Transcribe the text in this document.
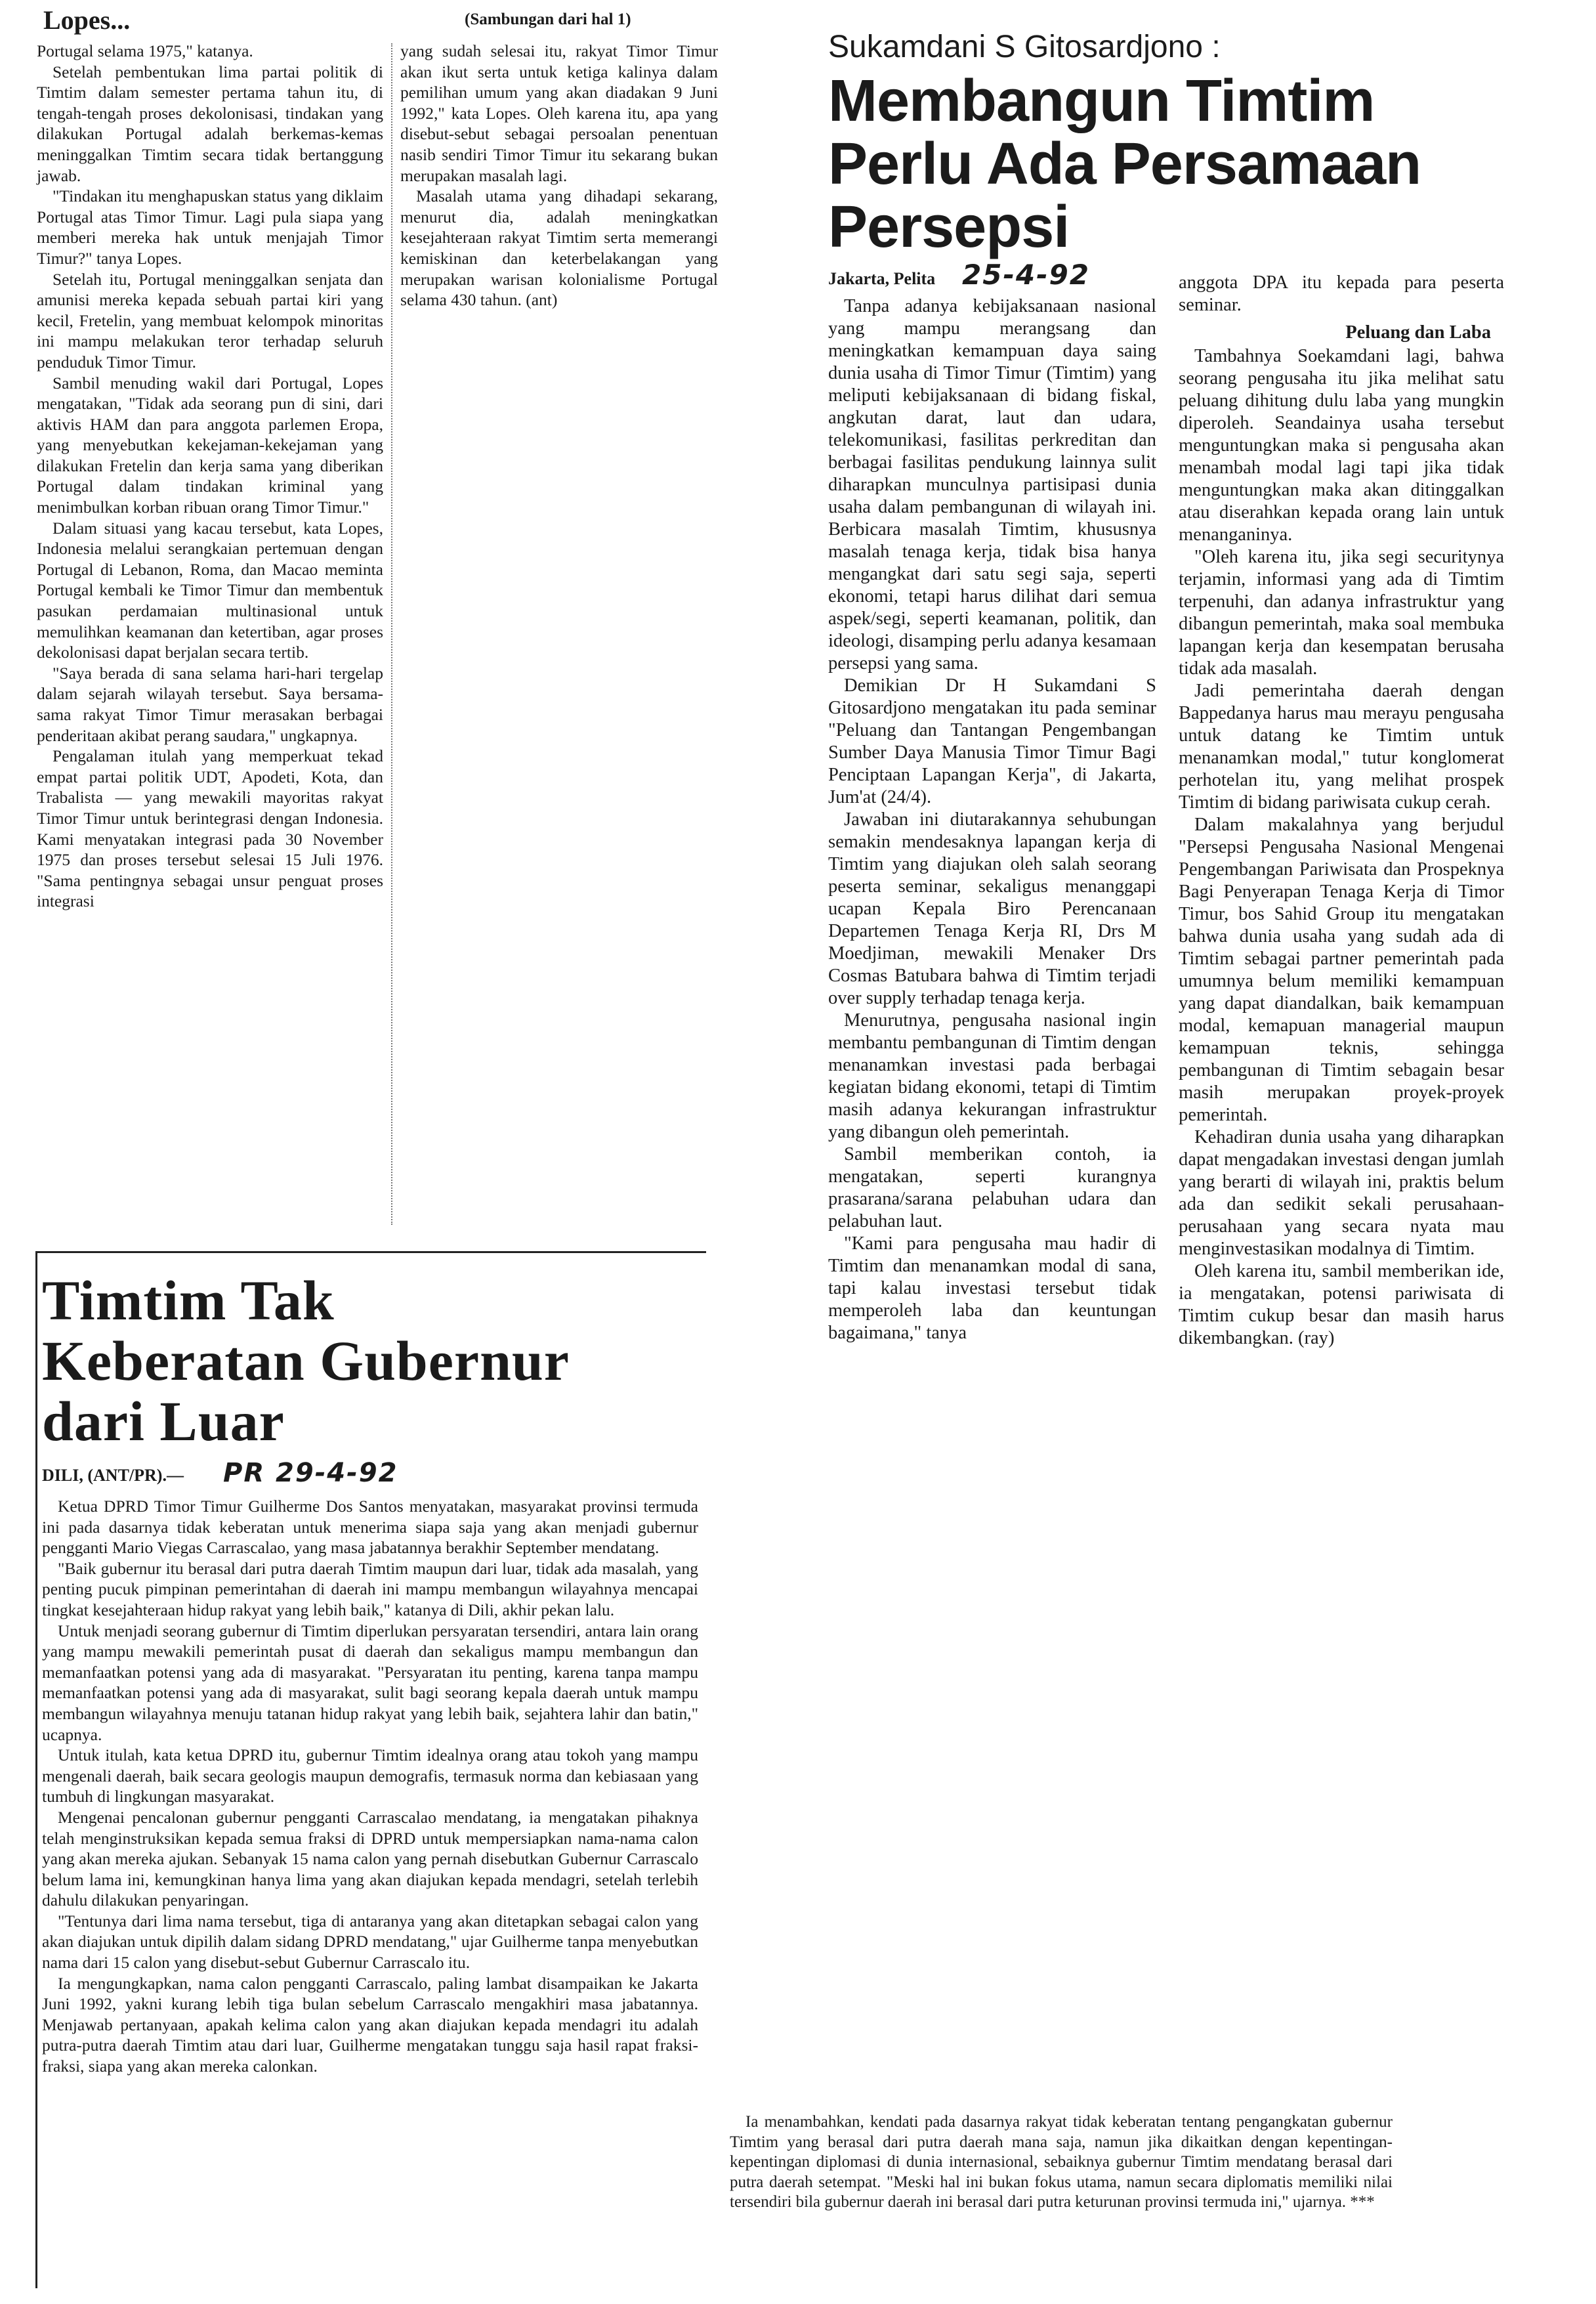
Lopes...	(Sambungan dari hal 1)

Portugal selama 1975," katanya.

Setelah pembentukan lima partai politik di Timtim dalam semester pertama tahun itu, di tengah-tengah proses dekolonisasi, tindakan yang dilakukan Portugal adalah berkemas-kemas meninggalkan Timtim secara tidak bertanggung jawab.

"Tindakan itu menghapuskan status yang diklaim Portugal atas Timor Timur. Lagi pula siapa yang memberi mereka hak untuk menjajah Timor Timur?" tanya Lopes.

Setelah itu, Portugal meninggalkan senjata dan amunisi mereka kepada sebuah partai kiri yang kecil, Fretelin, yang membuat kelompok minoritas ini mampu melakukan teror terhadap seluruh penduduk Timor Timur.

Sambil menuding wakil dari Portugal, Lopes mengatakan, "Tidak ada seorang pun di sini, dari aktivis HAM dan para anggota parlemen Eropa, yang menyebutkan kekejaman-kekejaman yang dilakukan Fretelin dan kerja sama yang diberikan Portugal dalam tindakan kriminal yang menimbulkan korban ribuan orang Timor Timur."

Dalam situasi yang kacau tersebut, kata Lopes, Indonesia melalui serangkaian pertemuan dengan Portugal di Lebanon, Roma, dan Macao meminta Portugal kembali ke Timor Timur dan membentuk pasukan perdamaian multinasional untuk memulihkan keamanan dan ketertiban, agar proses dekolonisasi dapat berjalan secara tertib.

"Saya berada di sana selama hari-hari tergelap dalam sejarah wilayah tersebut. Saya bersama-sama rakyat Timor Timur merasakan berbagai penderitaan akibat perang saudara," ungkapnya.

Pengalaman itulah yang memperkuat tekad empat partai politik UDT, Apodeti, Kota, dan Trabalista — yang mewakili mayoritas rakyat Timor Timur untuk berintegrasi dengan Indonesia. Kami menyatakan integrasi pada 30 November 1975 dan proses tersebut selesai 15 Juli 1976. "Sama pentingnya sebagai unsur penguat proses integrasi

yang sudah selesai itu, rakyat Timor Timur akan ikut serta untuk ketiga kalinya dalam pemilihan umum yang akan diadakan 9 Juni 1992," kata Lopes. Oleh karena itu, apa yang disebut-sebut sebagai persoalan penentuan nasib sendiri Timor Timur itu sekarang bukan merupakan masalah lagi.

Masalah utama yang dihadapi sekarang, menurut dia, adalah meningkatkan kesejahteraan rakyat Timtim serta memerangi kemiskinan dan keterbelakangan yang merupakan warisan kolonialisme Portugal selama 430 tahun. (ant)

Timtim Tak Keberatan Gubernur dari Luar
DILI, (ANT/PR).— PR 29-4-92

Ketua DPRD Timor Timur Guilherme Dos Santos menyatakan, masyarakat provinsi termuda ini pada dasarnya tidak keberatan untuk menerima siapa saja yang akan menjadi gubernur pengganti Mario Viegas Carrascalao, yang masa jabatannya berakhir September mendatang.

"Baik gubernur itu berasal dari putra daerah Timtim maupun dari luar, tidak ada masalah, yang penting pucuk pimpinan pemerintahan di daerah ini mampu membangun wilayahnya mencapai tingkat kesejahteraan hidup rakyat yang lebih baik," katanya di Dili, akhir pekan lalu.

Untuk menjadi seorang gubernur di Timtim diperlukan persyaratan tersendiri, antara lain orang yang mampu mewakili pemerintah pusat di daerah dan sekaligus mampu membangun dan memanfaatkan potensi yang ada di masyarakat. "Persyaratan itu penting, karena tanpa mampu memanfaatkan potensi yang ada di masyarakat, sulit bagi seorang kepala daerah untuk mampu membangun wilayahnya menuju tatanan hidup rakyat yang lebih baik, sejahtera lahir dan batin," ucapnya.

Untuk itulah, kata ketua DPRD itu, gubernur Timtim idealnya orang atau tokoh yang mampu mengenali daerah, baik secara geologis maupun demografis, termasuk norma dan kebiasaan yang tumbuh di lingkungan masyarakat.

Mengenai pencalonan gubernur pengganti Carrascalao mendatang, ia mengatakan pihaknya telah menginstruksikan kepada semua fraksi di DPRD untuk mempersiapkan nama-nama calon yang akan mereka ajukan. Sebanyak 15 nama calon yang pernah disebutkan Gubernur Carrascalo belum lama ini, kemungkinan hanya lima yang akan diajukan kepada mendagri, setelah terlebih dahulu dilakukan penyaringan.

"Tentunya dari lima nama tersebut, tiga di antaranya yang akan ditetapkan sebagai calon yang akan diajukan untuk dipilih dalam sidang DPRD mendatang," ujar Guilherme tanpa menyebutkan nama dari 15 calon yang disebut-sebut Gubernur Carrascalo itu.

Ia mengungkapkan, nama calon pengganti Carrascalo, paling lambat disampaikan ke Jakarta Juni 1992, yakni kurang lebih tiga bulan sebelum Carrascalo mengakhiri masa jabatannya. Menjawab pertanyaan, apakah kelima calon yang akan diajukan kepada mendagri itu adalah putra-putra daerah Timtim atau dari luar, Guilherme mengatakan tunggu saja hasil rapat fraksi-fraksi, siapa yang akan mereka calonkan.

Ia menambahkan, kendati pada dasarnya rakyat tidak keberatan tentang pengangkatan gubernur Timtim yang berasal dari putra daerah mana saja, namun jika dikaitkan dengan kepentingan-kepentingan diplomasi di dunia internasional, sebaiknya gubernur Timtim mendatang berasal dari putra daerah setempat. "Meski hal ini bukan fokus utama, namun secara diplomatis memiliki nilai tersendiri bila gubernur daerah ini berasal dari putra keturunan provinsi termuda ini," ujarnya. ***

Sukamdani S Gitosardjono :
Membangun Timtim Perlu Ada Persamaan Persepsi
Jakarta, Pelita 25-4-92

Tanpa adanya kebijaksanaan nasional yang mampu merangsang dan meningkatkan kemampuan daya saing dunia usaha di Timor Timur (Timtim) yang meliputi kebijaksanaan di bidang fiskal, angkutan darat, laut dan udara, telekomunikasi, fasilitas perkreditan dan berbagai fasilitas pendukung lainnya sulit diharapkan munculnya partisipasi dunia usaha dalam pembangunan di wilayah ini. Berbicara masalah Timtim, khususnya masalah tenaga kerja, tidak bisa hanya mengangkat dari satu segi saja, seperti ekonomi, tetapi harus dilihat dari semua aspek/segi, seperti keamanan, politik, dan ideologi, disamping perlu adanya kesamaan persepsi yang sama.

Demikian Dr H Sukamdani S Gitosardjono mengatakan itu pada seminar "Peluang dan Tantangan Pengembangan Sumber Daya Manusia Timor Timur Bagi Penciptaan Lapangan Kerja", di Jakarta, Jum'at (24/4).

Jawaban ini diutarakannya sehubungan semakin mendesaknya lapangan kerja di Timtim yang diajukan oleh salah seorang peserta seminar, sekaligus menanggapi ucapan Kepala Biro Perencanaan Departemen Tenaga Kerja RI, Drs M Moedjiman, mewakili Menaker Drs Cosmas Batubara bahwa di Timtim terjadi over supply terhadap tenaga kerja.

Menurutnya, pengusaha nasional ingin membantu pembangunan di Timtim dengan menanamkan investasi pada berbagai kegiatan bidang ekonomi, tetapi di Timtim masih adanya kekurangan infrastruktur yang dibangun oleh pemerintah.

Sambil memberikan contoh, ia mengatakan, seperti kurangnya prasarana/sarana pelabuhan udara dan pelabuhan laut.

"Kami para pengusaha mau hadir di Timtim dan menanamkan modal di sana, tapi kalau investasi tersebut tidak memperoleh laba dan keuntungan bagaimana," tanya

anggota DPA itu kepada para peserta seminar.

Peluang dan Laba

Tambahnya Soekamdani lagi, bahwa seorang pengusaha itu jika melihat satu peluang dihitung dulu laba yang mungkin diperoleh. Seandainya usaha tersebut menguntungkan maka si pengusaha akan menambah modal lagi tapi jika tidak menguntungkan maka akan ditinggalkan atau diserahkan kepada orang lain untuk menanganinya.

"Oleh karena itu, jika segi securitynya terjamin, informasi yang ada di Timtim terpenuhi, dan adanya infrastruktur yang dibangun pemerintah, maka soal membuka lapangan kerja dan kesempatan berusaha tidak ada masalah.

Jadi pemerintaha daerah dengan Bappedanya harus mau merayu pengusaha untuk datang ke Timtim untuk menanamkan modal," tutur konglomerat perhotelan itu, yang melihat prospek Timtim di bidang pariwisata cukup cerah.

Dalam makalahnya yang berjudul "Persepsi Pengusaha Nasional Mengenai Pengembangan Pariwisata dan Prospeknya Bagi Penyerapan Tenaga Kerja di Timor Timur, bos Sahid Group itu mengatakan bahwa dunia usaha yang sudah ada di Timtim sebagai partner pemerintah pada umumnya belum memiliki kemampuan yang dapat diandalkan, baik kemampuan modal, kemapuan managerial maupun kemampuan teknis, sehingga pembangunan di Timtim sebagain besar masih merupakan proyek-proyek pemerintah.

Kehadiran dunia usaha yang diharapkan dapat mengadakan investasi dengan jumlah yang berarti di wilayah ini, praktis belum ada dan sedikit sekali perusahaan-perusahaan yang secara nyata mau menginvestasikan modalnya di Timtim.

Oleh karena itu, sambil memberikan ide, ia mengatakan, potensi pariwisata di Timtim cukup besar dan masih harus dikembangkan. (ray)
